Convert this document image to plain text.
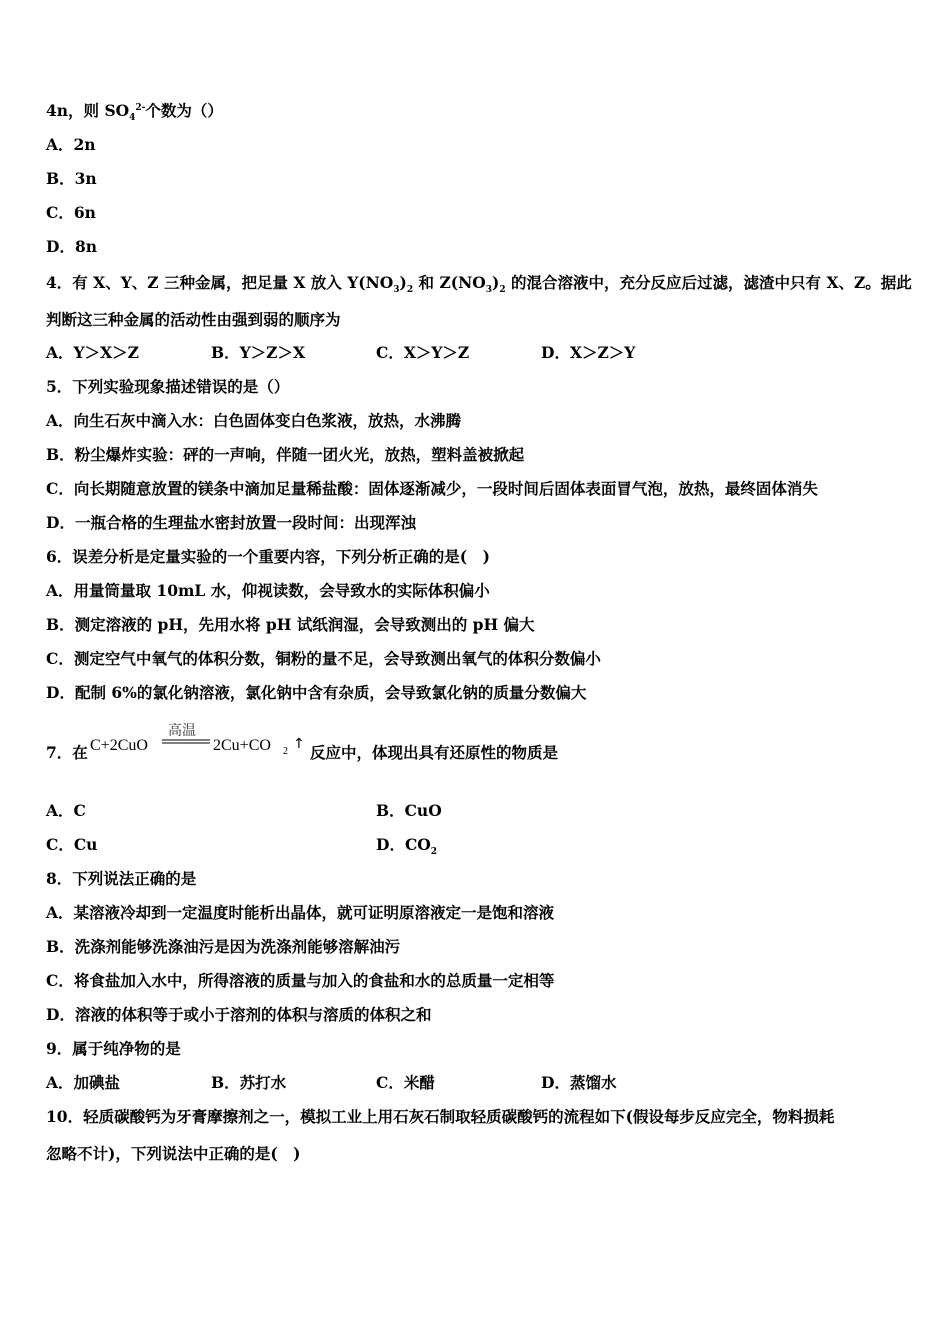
4n，则 $SO_4^{2-}$个数为（）
A．2n
B．3n
C．6n
D．8n
4．有 X、Y、Z 三种金属，把足量 X 放入 $Y(NO_3)_2$ 和 $Z(NO_3)_2$ 的混合溶液中，充分反应后过滤，滤渣中只有 X、Z。据此
判断这三种金属的活动性由强到弱的顺序为
A．Y＞X＞Z	B．Y＞Z＞X	C．X＞Y＞Z	D．X＞Z＞Y
5．下列实验现象描述错误的是（）
A．向生石灰中滴入水：白色固体变白色浆液，放热，水沸腾
B．粉尘爆炸实验：砰的一声响，伴随一团火光，放热，塑料盖被掀起
C．向长期随意放置的镁条中滴加足量稀盐酸：固体逐渐减少，一段时间后固体表面冒气泡，放热，最终固体消失
D．一瓶合格的生理盐水密封放置一段时间：出现浑浊
6．误差分析是定量实验的一个重要内容，下列分析正确的是(　)
A．用量筒量取 10mL 水，仰视读数，会导致水的实际体积偏小
B．测定溶液的 pH，先用水将 pH 试纸润湿，会导致测出的 pH 偏大
C．测定空气中氧气的体积分数，铜粉的量不足，会导致测出氧气的体积分数偏小
D．配制 6%的氯化钠溶液，氯化钠中含有杂质，会导致氯化钠的质量分数偏大
7．在 C+2CuO
高温
2Cu+CO 2 ↑ 反应中，体现出具有还原性的物质是
A．C	B．CuO
C．Cu	D．$CO_2$
8．下列说法正确的是
A．某溶液冷却到一定温度时能析出晶体，就可证明原溶液定一是饱和溶液
B．洗涤剂能够洗涤油污是因为洗涤剂能够溶解油污
C．将食盐加入水中，所得溶液的质量与加入的食盐和水的总质量一定相等
D．溶液的体积等于或小于溶剂的体积与溶质的体积之和
9．属于纯净物的是
A．加碘盐	B．苏打水	C．米醋	D．蒸馏水
10．轻质碳酸钙为牙膏摩擦剂之一，模拟工业上用石灰石制取轻质碳酸钙的流程如下(假设每步反应完全，物料损耗
忽略不计)，下列说法中正确的是(　)
